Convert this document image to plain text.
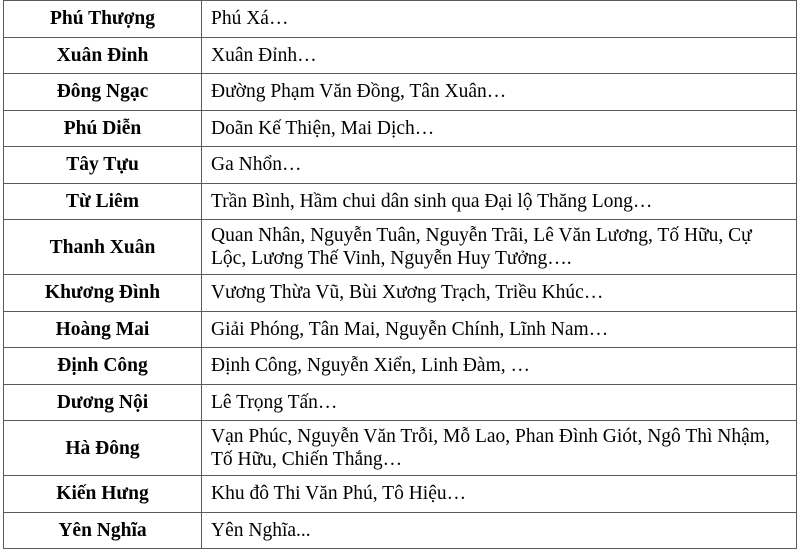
Phú Thượng	Phú Xá…
Xuân Đỉnh	Xuân Đỉnh…
Đông Ngạc	Đường Phạm Văn Đồng, Tân Xuân…
Phú Diễn	Doãn Kế Thiện, Mai Dịch…
Tây Tựu	Ga Nhổn…
Từ Liêm	Trần Bình, Hầm chui dân sinh qua Đại lộ Thăng Long…
Thanh Xuân	Quan Nhân, Nguyễn Tuân, Nguyễn Trãi, Lê Văn Lương, Tố Hữu, Cự Lộc, Lương Thế Vinh, Nguyễn Huy Tưởng….
Khương Đình	Vương Thừa Vũ, Bùi Xương Trạch, Triều Khúc…
Hoàng Mai	Giải Phóng, Tân Mai, Nguyễn Chính, Lĩnh Nam…
Định Công	Định Công, Nguyễn Xiển, Linh Đàm, …
Dương Nội	Lê Trọng Tấn…
Hà Đông	Vạn Phúc, Nguyễn Văn Trỗi, Mỗ Lao, Phan Đình Giót, Ngô Thì Nhậm, Tố Hữu, Chiến Thắng…
Kiến Hưng	Khu đô Thi Văn Phú, Tô Hiệu…
Yên Nghĩa	Yên Nghĩa...
